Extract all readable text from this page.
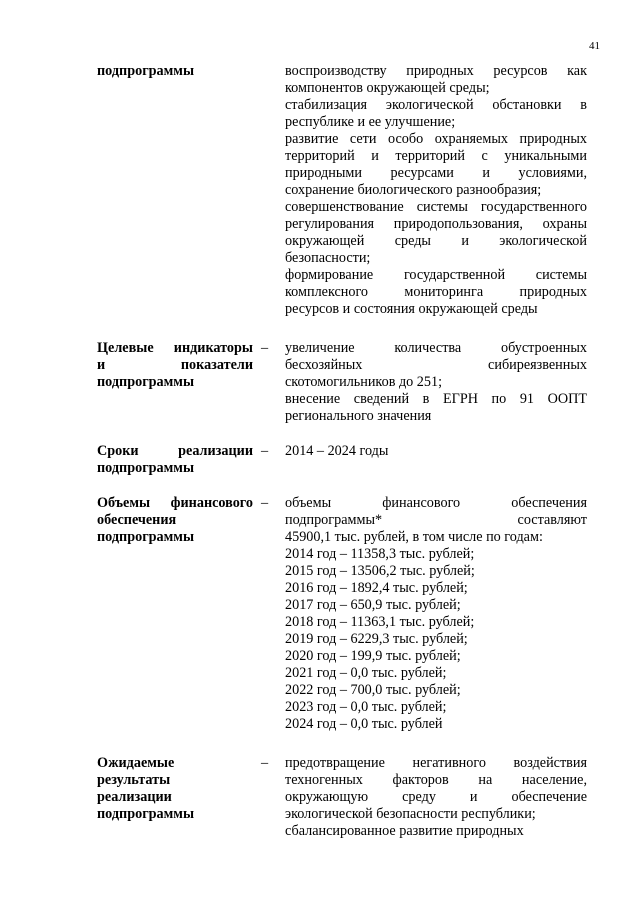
41
подпрограммы	воспроизводству природных ресурсов как
компонентов окружающей среды;
стабилизация экологической обстановки в
республике и ее улучшение;
развитие сети особо охраняемых природных
территорий и территорий с уникальными
природными ресурсами и условиями,
сохранение биологического разнообразия;
совершенствование системы государственного
регулирования природопользования, охраны
окружающей среды и экологической
безопасности;
формирование государственной системы
комплексного мониторинга природных
ресурсов и состояния окружающей среды
Целевые индикаторы
и показатели
подпрограммы
–	увеличение количества обустроенных
бесхозяйных сибиреязвенных
скотомогильников до 251;
внесение сведений в ЕГРН по 91 ООПТ
регионального значения
Сроки реализации
подпрограммы
–	2014 – 2024 годы
Объемы финансового
обеспечения
подпрограммы
–	объемы финансового обеспечения
подпрограммы* составляют
45900,1 тыс. рублей, в том числе по годам:
2014 год – 11358,3 тыс. рублей;
2015 год – 13506,2 тыс. рублей;
2016 год – 1892,4 тыс. рублей;
2017 год – 650,9 тыс. рублей;
2018 год – 11363,1 тыс. рублей;
2019 год – 6229,3 тыс. рублей;
2020 год – 199,9 тыс. рублей;
2021 год – 0,0 тыс. рублей;
2022 год – 700,0 тыс. рублей;
2023 год – 0,0 тыс. рублей;
2024 год – 0,0 тыс. рублей
Ожидаемые
результаты
реализации
подпрограммы
–	предотвращение негативного воздействия
техногенных факторов на население,
окружающую среду и обеспечение
экологической безопасности республики;
сбалансированное развитие природных
